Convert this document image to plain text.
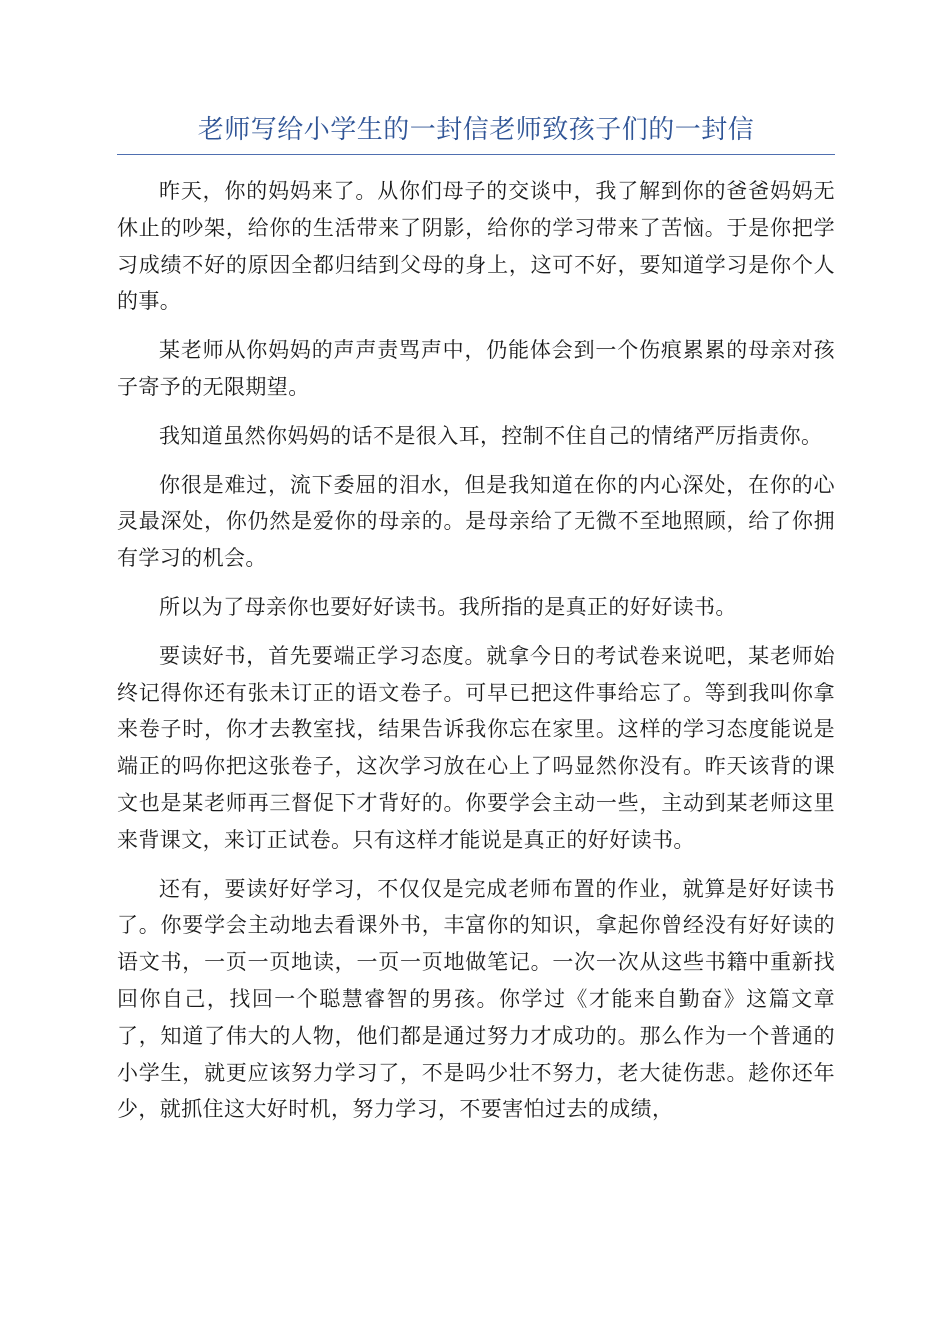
老师写给小学生的一封信老师致孩子们的一封信

昨天，你的妈妈来了。从你们母子的交谈中，我了解到你的爸爸妈妈无休止的吵架，给你的生活带来了阴影，给你的学习带来了苦恼。于是你把学习成绩不好的原因全都归结到父母的身上，这可不好，要知道学习是你个人的事。

某老师从你妈妈的声声责骂声中，仍能体会到一个伤痕累累的母亲对孩子寄予的无限期望。

我知道虽然你妈妈的话不是很入耳，控制不住自己的情绪严厉指责你。

你很是难过，流下委屈的泪水，但是我知道在你的内心深处，在你的心灵最深处，你仍然是爱你的母亲的。是母亲给了无微不至地照顾，给了你拥有学习的机会。

所以为了母亲你也要好好读书。我所指的是真正的好好读书。

要读好书，首先要端正学习态度。就拿今日的考试卷来说吧，某老师始终记得你还有张未订正的语文卷子。可早已把这件事给忘了。等到我叫你拿来卷子时，你才去教室找，结果告诉我你忘在家里。这样的学习态度能说是端正的吗你把这张卷子，这次学习放在心上了吗显然你没有。昨天该背的课文也是某老师再三督促下才背好的。你要学会主动一些，主动到某老师这里来背课文，来订正试卷。只有这样才能说是真正的好好读书。

还有，要读好好学习，不仅仅是完成老师布置的作业，就算是好好读书了。你要学会主动地去看课外书，丰富你的知识，拿起你曾经没有好好读的语文书，一页一页地读，一页一页地做笔记。一次一次从这些书籍中重新找回你自己，找回一个聪慧睿智的男孩。你学过《才能来自勤奋》这篇文章了，知道了伟大的人物，他们都是通过努力才成功的。那么作为一个普通的小学生，就更应该努力学习了，不是吗少壮不努力，老大徒伤悲。趁你还年少，就抓住这大好时机，努力学习，不要害怕过去的成绩，
